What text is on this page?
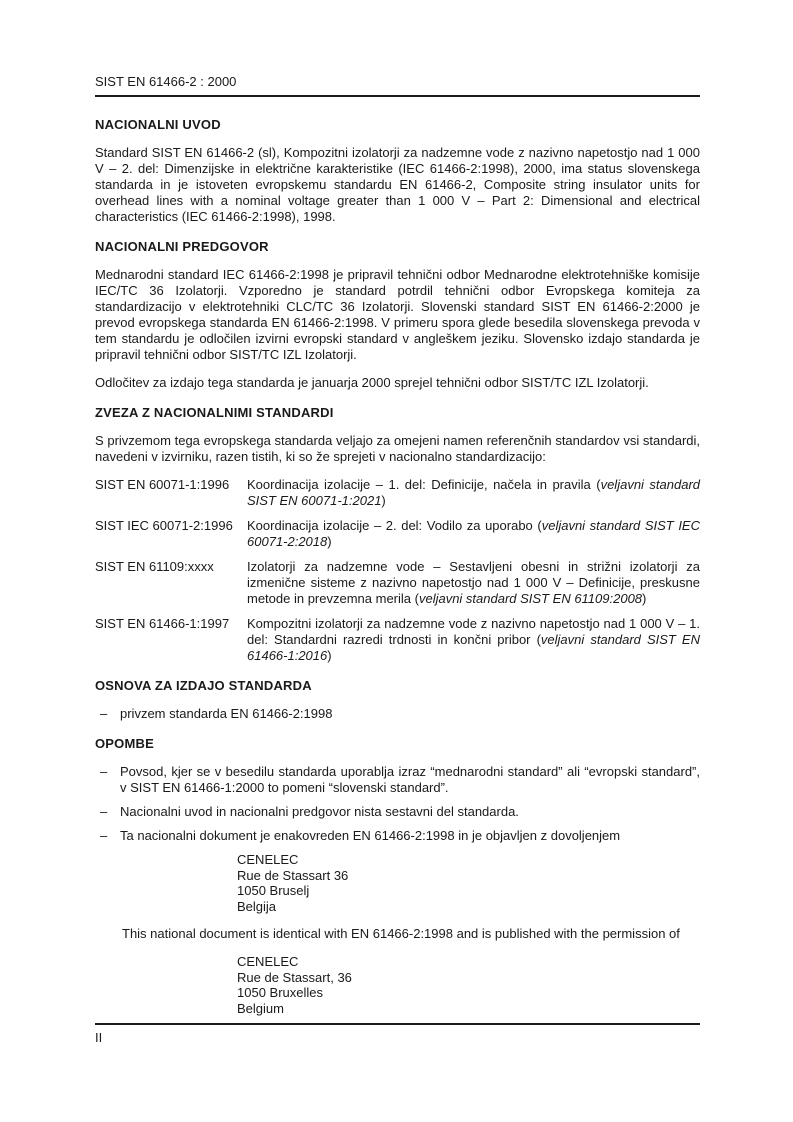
SIST EN 61466-2 : 2000
NACIONALNI UVOD

Standard SIST EN 61466-2 (sl), Kompozitni izolatorji za nadzemne vode z nazivno napetostjo nad 1 000 V – 2. del: Dimenzijske in električne karakteristike (IEC 61466-2:1998), 2000, ima status slovenskega standarda in je istoveten evropskemu standardu EN 61466-2, Composite string insulator units for overhead lines with a nominal voltage greater than 1 000 V – Part 2: Dimensional and electrical characteristics (IEC 61466-2:1998), 1998.

NACIONALNI PREDGOVOR

Mednarodni standard IEC 61466-2:1998 je pripravil tehnični odbor Mednarodne elektrotehniške komisije IEC/TC 36 Izolatorji. Vzporedno je standard potrdil tehnični odbor Evropskega komiteja za standardizacijo v elektrotehniki CLC/TC 36 Izolatorji. Slovenski standard SIST EN 61466-2:2000 je prevod evropskega standarda EN 61466-2:1998. V primeru spora glede besedila slovenskega prevoda v tem standardu je odločilen izvirni evropski standard v angleškem jeziku. Slovensko izdajo standarda je pripravil tehnični odbor SIST/TC IZL Izolatorji.

Odločitev za izdajo tega standarda je januarja 2000 sprejel tehnični odbor SIST/TC IZL Izolatorji.

ZVEZA Z NACIONALNIMI STANDARDI

S privzemom tega evropskega standarda veljajo za omejeni namen referenčnih standardov vsi standardi, navedeni v izvirniku, razen tistih, ki so že sprejeti v nacionalno standardizacijo:

SIST EN 60071-1:1996	Koordinacija izolacije – 1. del: Definicije, načela in pravila (veljavni standard SIST EN 60071-1:2021)
SIST IEC 60071-2:1996	Koordinacija izolacije – 2. del: Vodilo za uporabo (veljavni standard SIST IEC 60071-2:2018)
SIST EN 61109:xxxx	Izolatorji za nadzemne vode – Sestavljeni obesni in strižni izolatorji za izmenične sisteme z nazivno napetostjo nad 1 000 V – Definicije, preskusne metode in prevzemna merila (veljavni standard SIST EN 61109:2008)
SIST EN 61466-1:1997	Kompozitni izolatorji za nadzemne vode z nazivno napetostjo nad 1 000 V – 1. del: Standardni razredi trdnosti in končni pribor (veljavni standard SIST EN 61466-1:2016)
OSNOVA ZA IZDAJO STANDARDA
– privzem standarda EN 61466-2:1998
OPOMBE
– Povsod, kjer se v besedilu standarda uporablja izraz “mednarodni standard” ali “evropski standard”, v SIST EN 61466-1:2000 to pomeni “slovenski standard”.
– Nacionalni uvod in nacionalni predgovor nista sestavni del standarda.
– Ta nacionalni dokument je enakovreden EN 61466-2:1998 in je objavljen z dovoljenjem
CENELEC
Rue de Stassart 36
1050 Bruselj
Belgija

This national document is identical with EN 61466-2:1998 and is published with the permission of

CENELEC
Rue de Stassart, 36
1050 Bruxelles
Belgium
II
